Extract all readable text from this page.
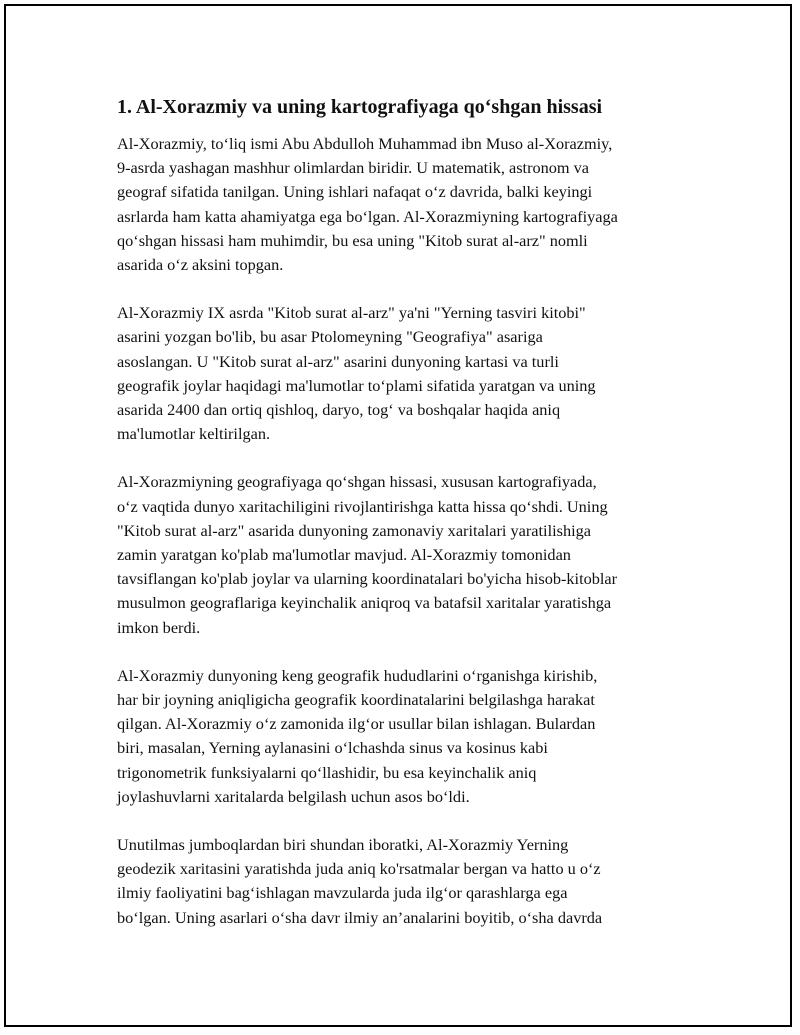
1. Al-Xorazmiy va uning kartografiyaga qo‘shgan hissasi
Al-Xorazmiy, to‘liq ismi Abu Abdulloh Muhammad ibn Muso al-Xorazmiy,
9-asrda yashagan mashhur olimlardan biridir. U matematik, astronom va
geograf sifatida tanilgan. Uning ishlari nafaqat o‘z davrida, balki keyingi
asrlarda ham katta ahamiyatga ega bo‘lgan. Al-Xorazmiyning kartografiyaga
qo‘shgan hissasi ham muhimdir, bu esa uning "Kitob surat al-arz" nomli
asarida o‘z aksini topgan.
Al-Xorazmiy IX asrda "Kitob surat al-arz" ya'ni "Yerning tasviri kitobi"
asarini yozgan bo'lib, bu asar Ptolomeyning "Geografiya" asariga
asoslangan. U "Kitob surat al-arz" asarini dunyoning kartasi va turli
geografik joylar haqidagi ma'lumotlar to‘plami sifatida yaratgan va uning
asarida 2400 dan ortiq qishloq, daryo, tog‘ va boshqalar haqida aniq
ma'lumotlar keltirilgan.
Al-Xorazmiyning geografiyaga qo‘shgan hissasi, xususan kartografiyada,
o‘z vaqtida dunyo xaritachiligini rivojlantirishga katta hissa qo‘shdi. Uning
"Kitob surat al-arz" asarida dunyoning zamonaviy xaritalari yaratilishiga
zamin yaratgan ko'plab ma'lumotlar mavjud. Al-Xorazmiy tomonidan
tavsiflangan ko'plab joylar va ularning koordinatalari bo'yicha hisob-kitoblar
musulmon geograflariga keyinchalik aniqroq va batafsil xaritalar yaratishga
imkon berdi.
Al-Xorazmiy dunyoning keng geografik hududlarini o‘rganishga kirishib,
har bir joyning aniqligicha geografik koordinatalarini belgilashga harakat
qilgan. Al-Xorazmiy o‘z zamonida ilg‘or usullar bilan ishlagan. Bulardan
biri, masalan, Yerning aylanasini o‘lchashda sinus va kosinus kabi
trigonometrik funksiyalarni qo‘llashidir, bu esa keyinchalik aniq
joylashuvlarni xaritalarda belgilash uchun asos bo‘ldi.
Unutilmas jumboqlardan biri shundan iboratki, Al-Xorazmiy Yerning
geodezik xaritasini yaratishda juda aniq ko'rsatmalar bergan va hatto u o‘z
ilmiy faoliyatini bag‘ishlagan mavzularda juda ilg‘or qarashlarga ega
bo‘lgan. Uning asarlari o‘sha davr ilmiy an’analarini boyitib, o‘sha davrda
